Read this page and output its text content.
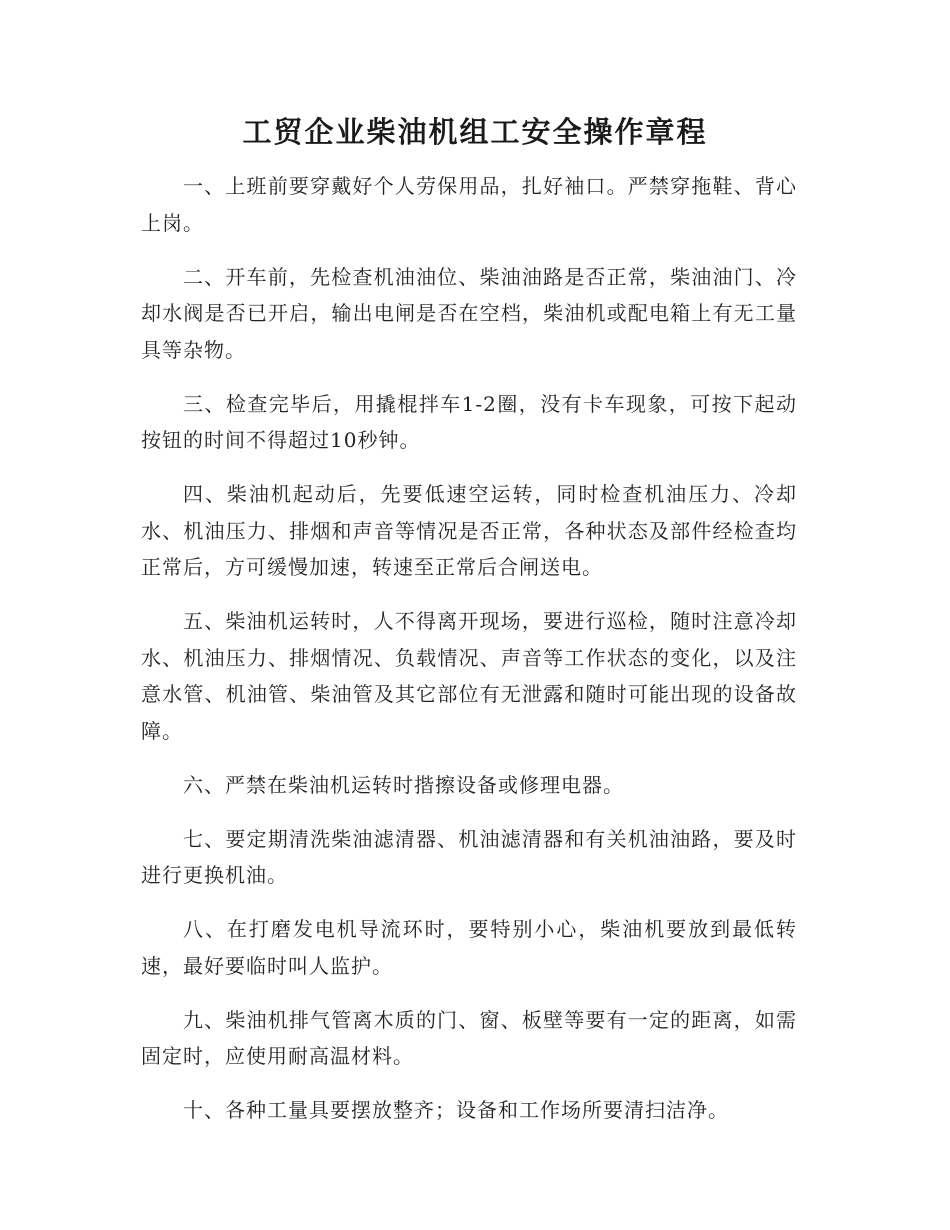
工贸企业柴油机组工安全操作章程

一、上班前要穿戴好个人劳保用品，扎好袖口。严禁穿拖鞋、背心上岗。

二、开车前，先检查机油油位、柴油油路是否正常，柴油油门、冷却水阀是否已开启，输出电闸是否在空档，柴油机或配电箱上有无工量具等杂物。

三、检查完毕后，用撬棍拌车1-2圈，没有卡车现象，可按下起动按钮的时间不得超过10秒钟。

四、柴油机起动后，先要低速空运转，同时检查机油压力、冷却水、机油压力、排烟和声音等情况是否正常，各种状态及部件经检查均正常后，方可缓慢加速，转速至正常后合闸送电。

五、柴油机运转时，人不得离开现场，要进行巡检，随时注意冷却水、机油压力、排烟情况、负载情况、声音等工作状态的变化，以及注意水管、机油管、柴油管及其它部位有无泄露和随时可能出现的设备故障。

六、严禁在柴油机运转时揩擦设备或修理电器。

七、要定期清洗柴油滤清器、机油滤清器和有关机油油路，要及时进行更换机油。

八、在打磨发电机导流环时，要特别小心，柴油机要放到最低转速，最好要临时叫人监护。

九、柴油机排气管离木质的门、窗、板壁等要有一定的距离，如需固定时，应使用耐高温材料。

十、各种工量具要摆放整齐；设备和工作场所要清扫洁净。
